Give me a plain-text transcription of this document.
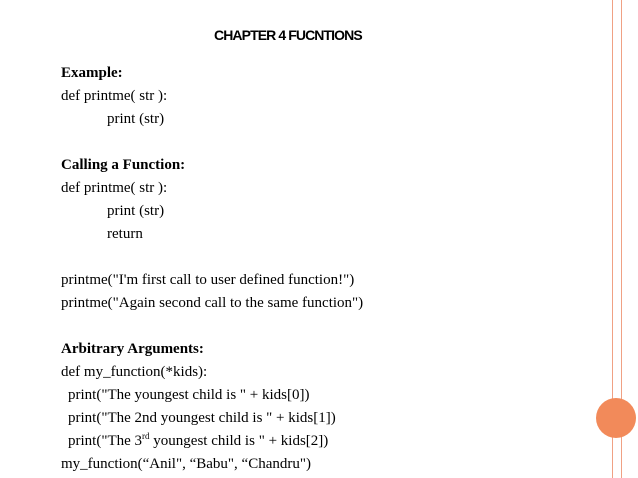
CHAPTER 4 FUCNTIONS
Example:
def printme( str ):
print (str)
Calling a Function:
def printme( str ):
print (str)
return
printme("I'm first call to user defined function!")
printme("Again second call to the same function")
Arbitrary Arguments:
def my_function(*kids):
print("The youngest child is " + kids[0])
print("The 2nd youngest child is " + kids[1])
print("The 3rd youngest child is " + kids[2])
my_function(“Anil", “Babu", “Chandru")
